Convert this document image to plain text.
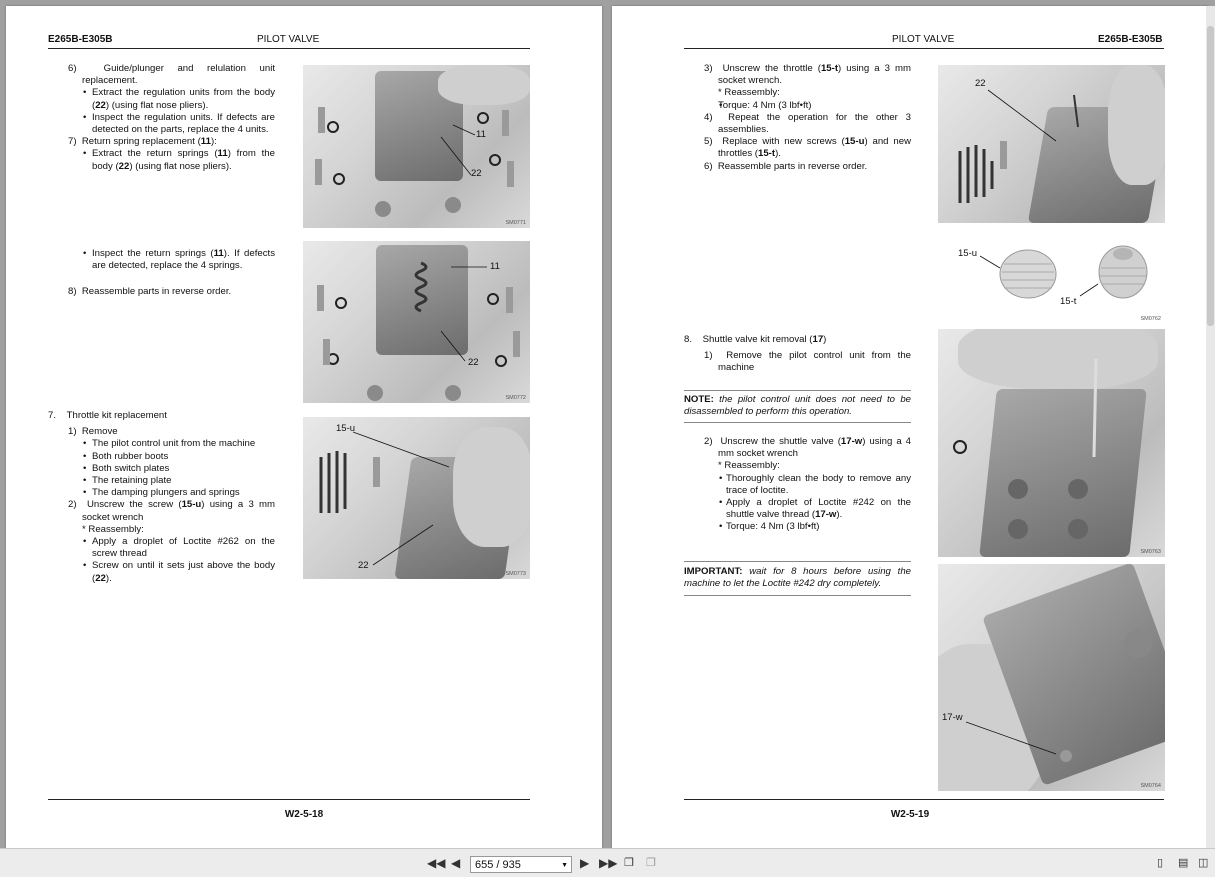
E265B-E305B	PILOT VALVE

6)  Guide/plunger and relulation unit replacement.

• Extract the regulation units from the body (22) (using flat nose pliers).

• Inspect the regulation units. If defects are detected on the parts, replace the 4 units.

7)  Return spring replacement (11):

• Extract the return springs (11) from the body (22) (using flat nose pliers).

11
22
SM0771

• Inspect the return springs (11). If defects are detected, replace the 4 springs.

8)  Reassemble parts in reverse order.

11
22
SM0772

7.    Throttle kit replacement

1)  Remove

• The pilot control unit from the machine

• Both rubber boots

• Both switch plates

• The retaining plate

• The damping plungers and springs

2)  Unscrew the screw (15-u) using a 3 mm socket wrench

* Reassembly:

• Apply a droplet of Loctite #262 on the screw thread

• Screw on until it sets just above the body (22).

15-u
22
SM0773
W2-5-18
PILOT VALVE	E265B-E305B

3)  Unscrew the throttle (15-t) using a 3 mm socket wrench.

* Reassembly:

• Torque: 4 Nm (3 lbf•ft)

4)  Repeat the operation for the other 3 assemblies.

5)  Replace with new screws (15-u) and new throttles (15-t).

6)  Reassemble parts in reverse order.

22
15-u
15-t
SM0762

8.    Shuttle valve kit removal (17)

1)  Remove the pilot control unit from the machine

NOTE: the pilot control unit does not need to be disassembled to perform this operation.

2)  Unscrew the shuttle valve (17-w) using a 4 mm socket wrench

* Reassembly:

• Thoroughly clean the body to remove any trace of loctite.

• Apply a droplet of Loctite #242 on the shuttle valve thread (17-w).

• Torque: 4 Nm (3 lbf•ft)

IMPORTANT: wait for 8 hours before using the machine to let the Loctite #242 dry completely.
SM0763
17-w
SM0764
W2-5-19
◀◀ ◀	▶ ▶▶ ❐ ❐	▯ ▤ ◫
655 / 935	▼
